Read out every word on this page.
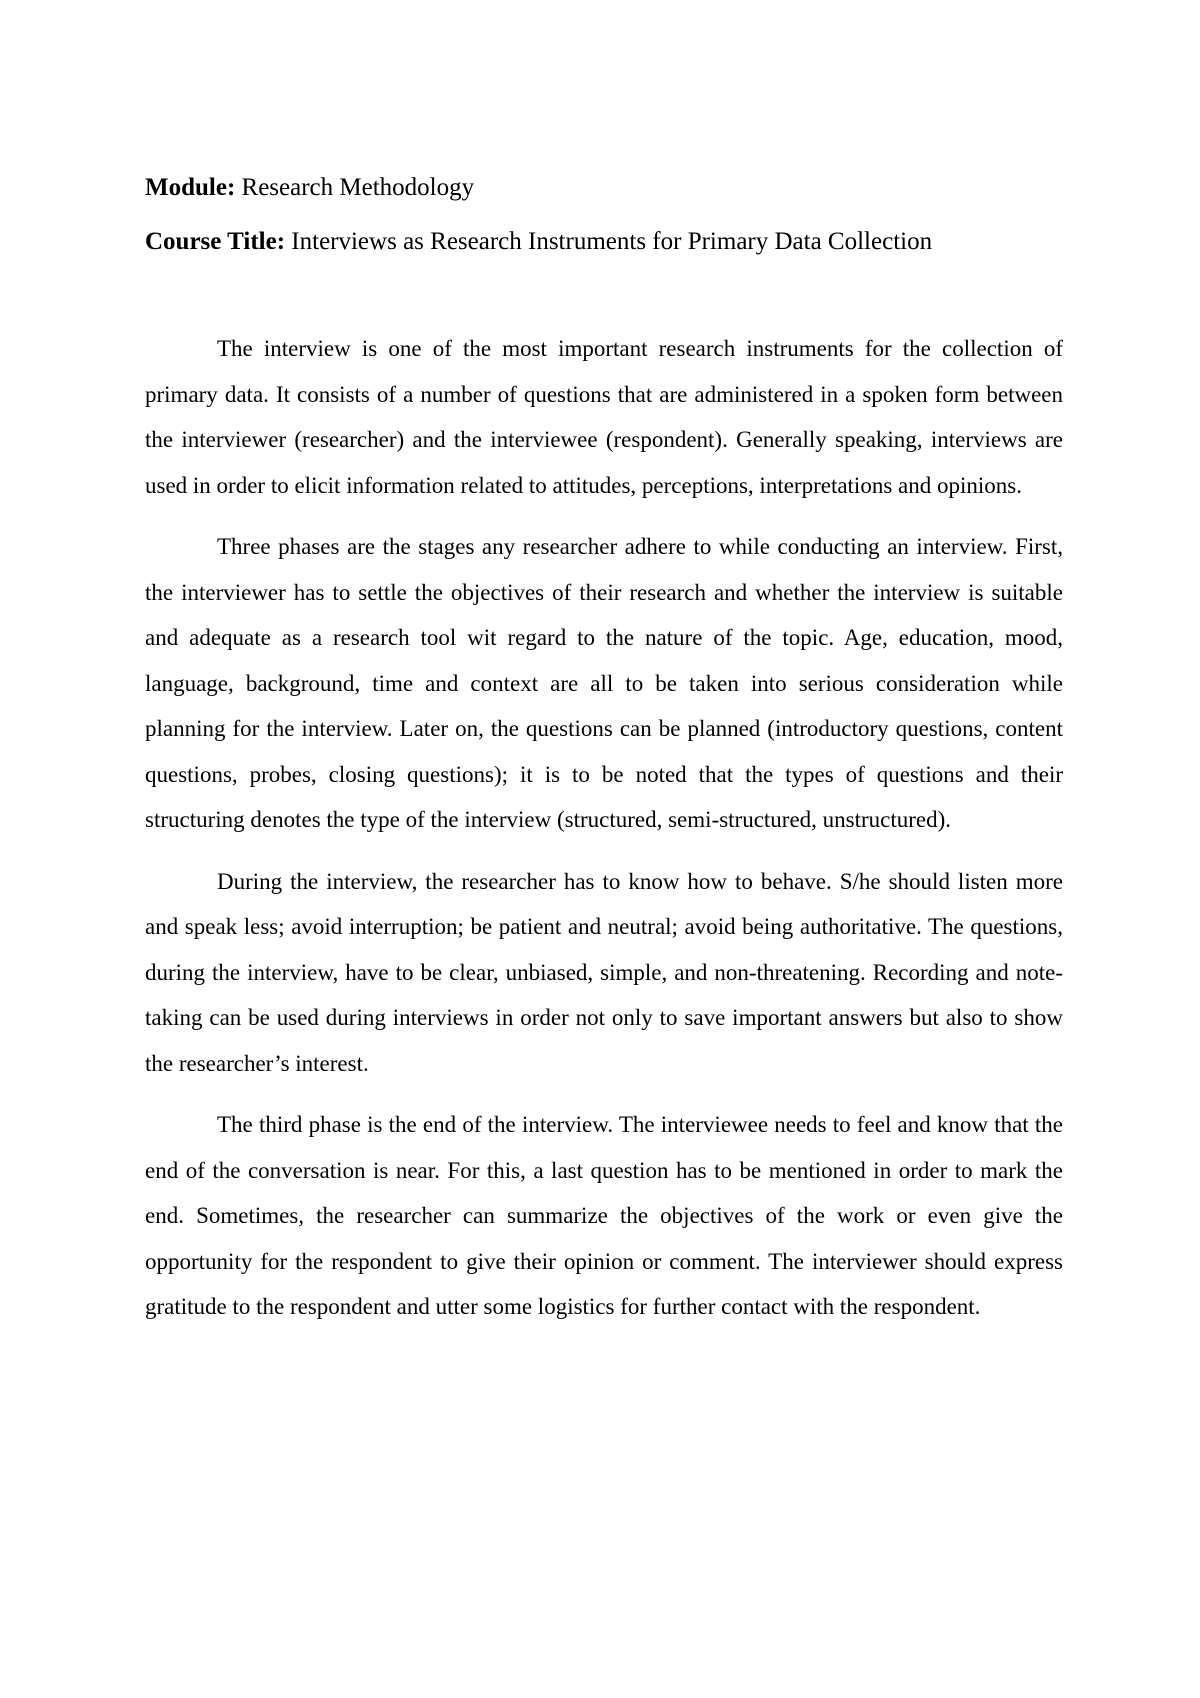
Module: Research Methodology
Course Title: Interviews as Research Instruments for Primary Data Collection

The interview is one of the most important research instruments for the collection of primary data. It consists of a number of questions that are administered in a spoken form between the interviewer (researcher) and the interviewee (respondent). Generally speaking, interviews are used in order to elicit information related to attitudes, perceptions, interpretations and opinions.

Three phases are the stages any researcher adhere to while conducting an interview. First, the interviewer has to settle the objectives of their research and whether the interview is suitable and adequate as a research tool wit regard to the nature of the topic. Age, education, mood, language, background, time and context are all to be taken into serious consideration while planning for the interview. Later on, the questions can be planned (introductory questions, content questions, probes, closing questions); it is to be noted that the types of questions and their structuring denotes the type of the interview (structured, semi-structured, unstructured).

During the interview, the researcher has to know how to behave. S/he should listen more and speak less; avoid interruption; be patient and neutral; avoid being authoritative. The questions, during the interview, have to be clear, unbiased, simple, and non-threatening. Recording and note-taking can be used during interviews in order not only to save important answers but also to show the researcher’s interest.

The third phase is the end of the interview. The interviewee needs to feel and know that the end of the conversation is near. For this, a last question has to be mentioned in order to mark the end. Sometimes, the researcher can summarize the objectives of the work or even give the opportunity for the respondent to give their opinion or comment. The interviewer should express gratitude to the respondent and utter some logistics for further contact with the respondent.
